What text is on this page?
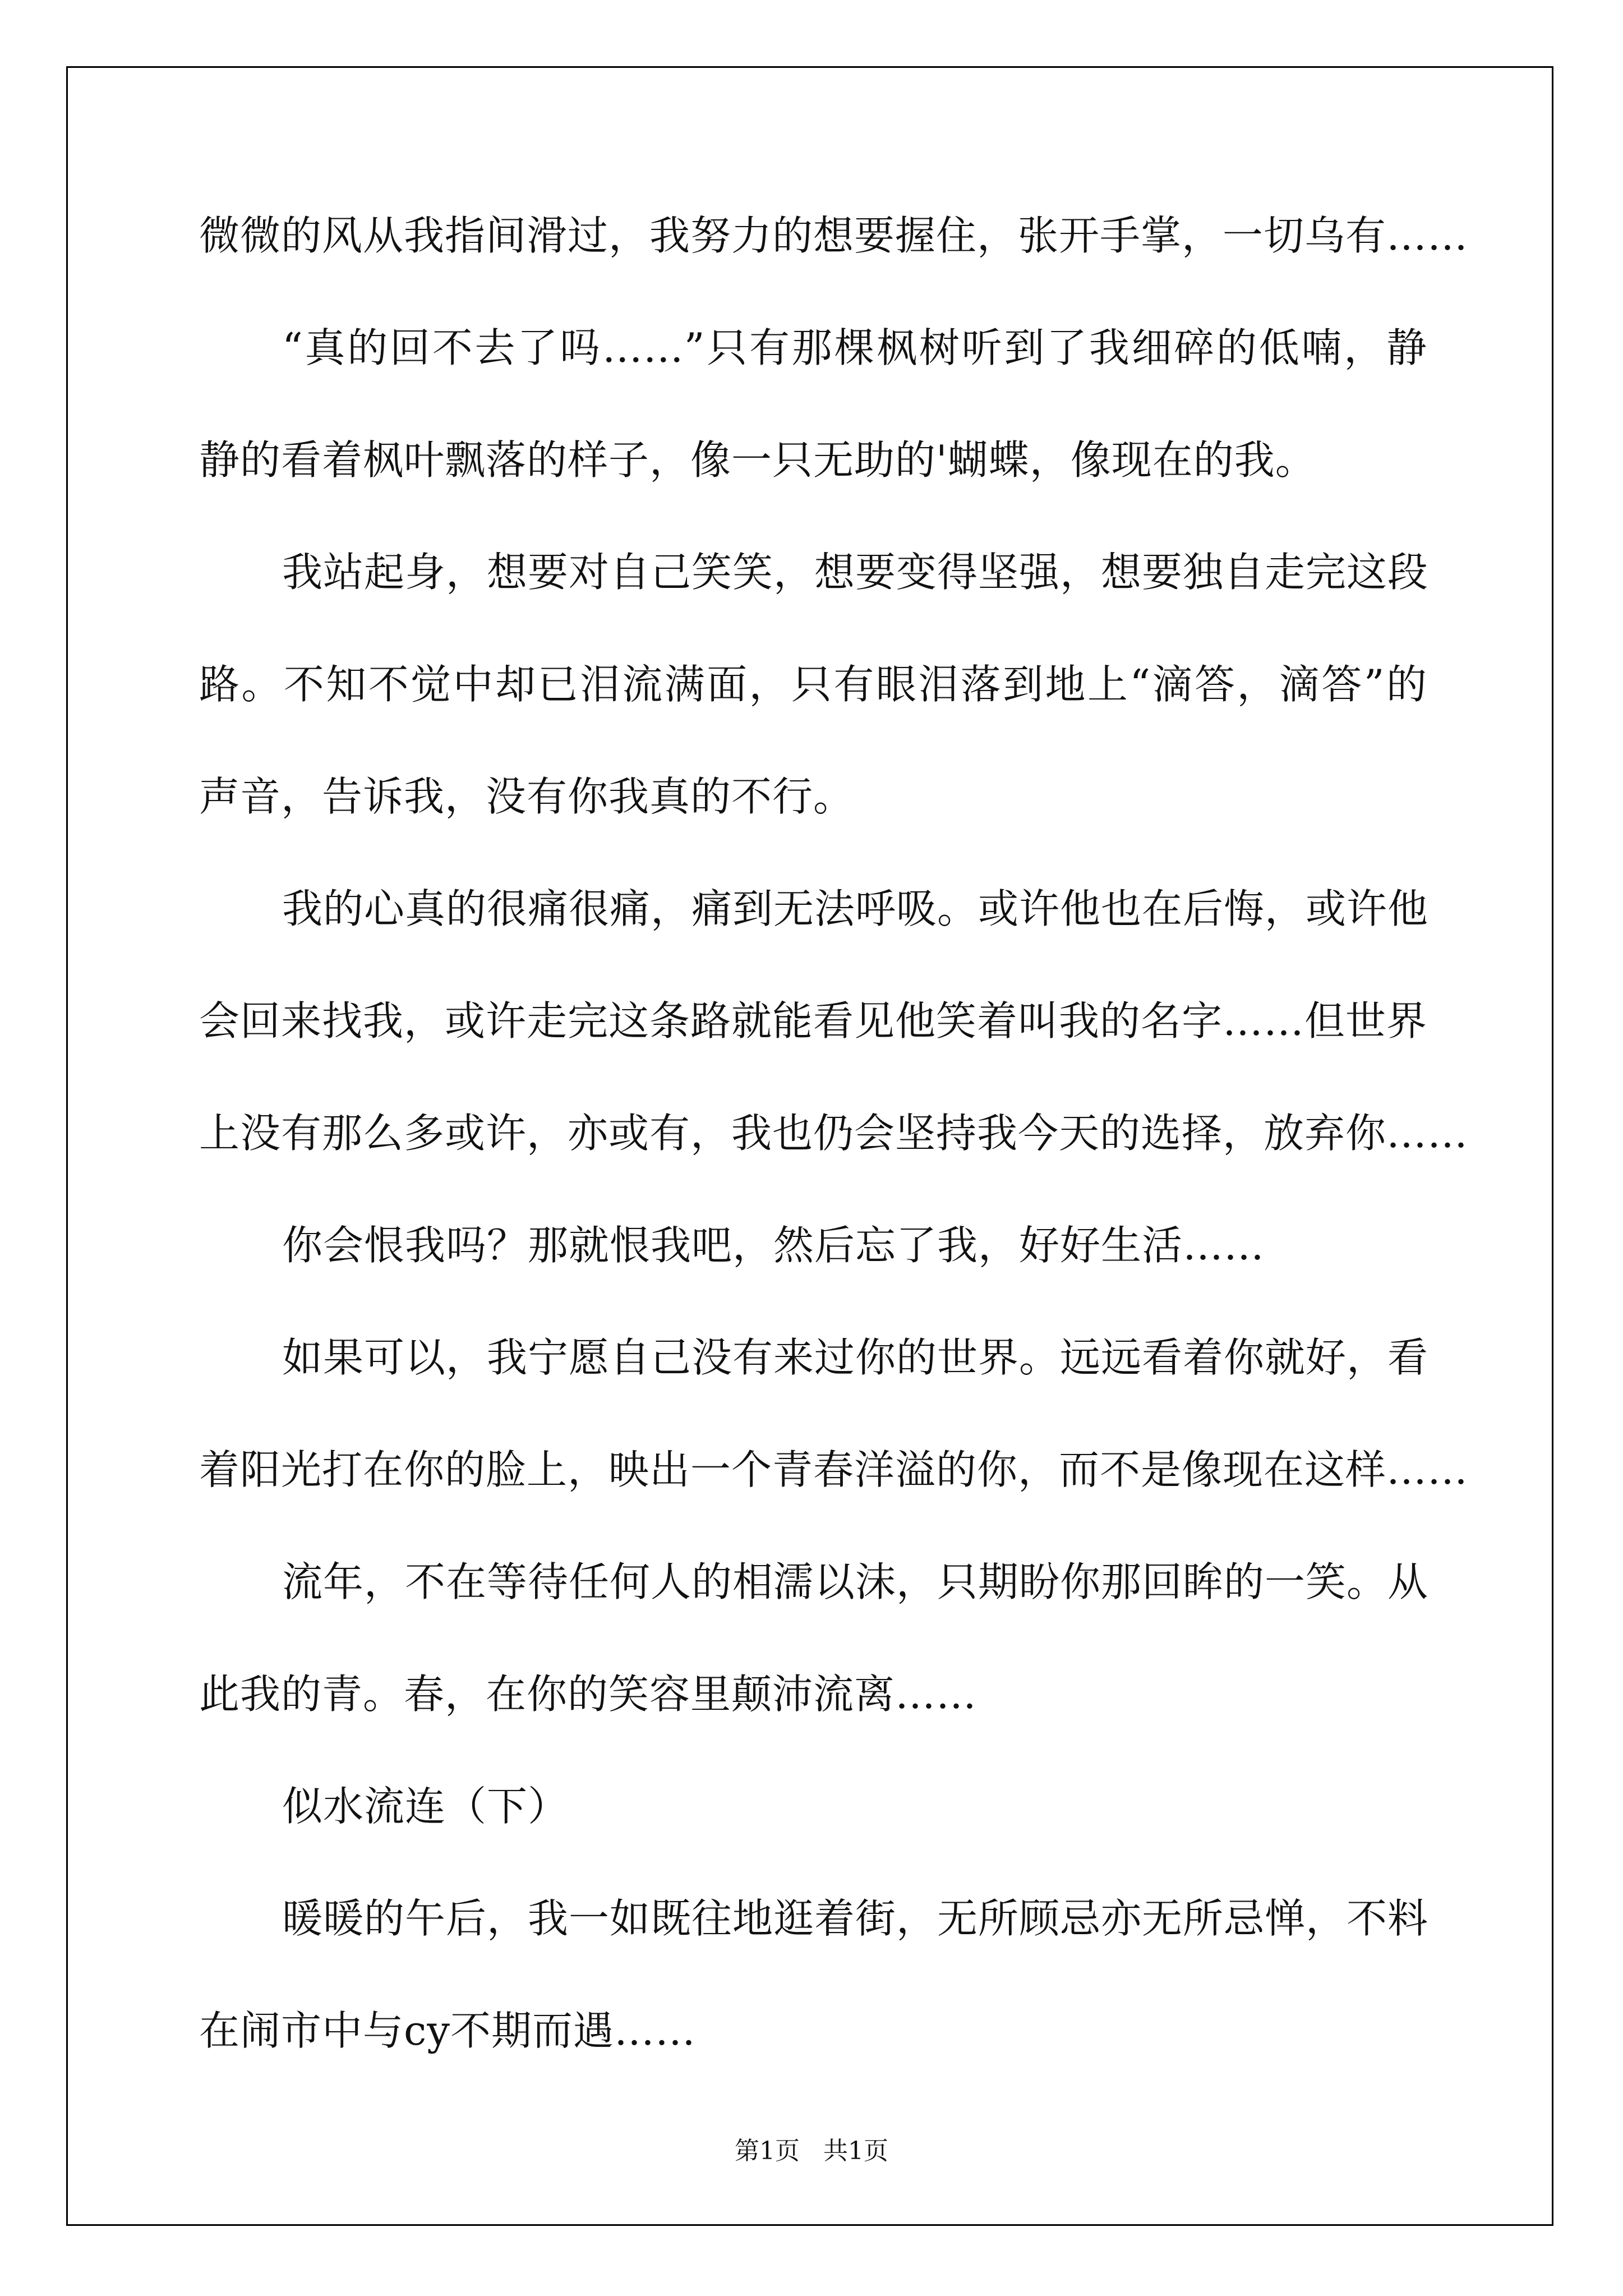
微微的风从我指间滑过，我努力的想要握住，张开手掌，一切乌有……
“真的回不去了吗……”只有那棵枫树听到了我细碎的低喃，静
静的看着枫叶飘落的样子，像一只无助的'蝴蝶，像现在的我。
我站起身，想要对自己笑笑，想要变得坚强，想要独自走完这段
路。不知不觉中却已泪流满面，只有眼泪落到地上“滴答，滴答”的
声音，告诉我，没有你我真的不行。
我的心真的很痛很痛，痛到无法呼吸。或许他也在后悔，或许他
会回来找我，或许走完这条路就能看见他笑着叫我的名字……但世界
上没有那么多或许，亦或有，我也仍会坚持我今天的选择，放弃你……
你会恨我吗？那就恨我吧，然后忘了我，好好生活……
如果可以，我宁愿自己没有来过你的世界。远远看着你就好，看
着阳光打在你的脸上，映出一个青春洋溢的你，而不是像现在这样……
流年，不在等待任何人的相濡以沫，只期盼你那回眸的一笑。从
此我的青。春，在你的笑容里颠沛流离……
似水流连（下）
暖暖的午后，我一如既往地逛着街，无所顾忌亦无所忌惮，不料
在闹市中与cy不期而遇……
第1页   共1页
